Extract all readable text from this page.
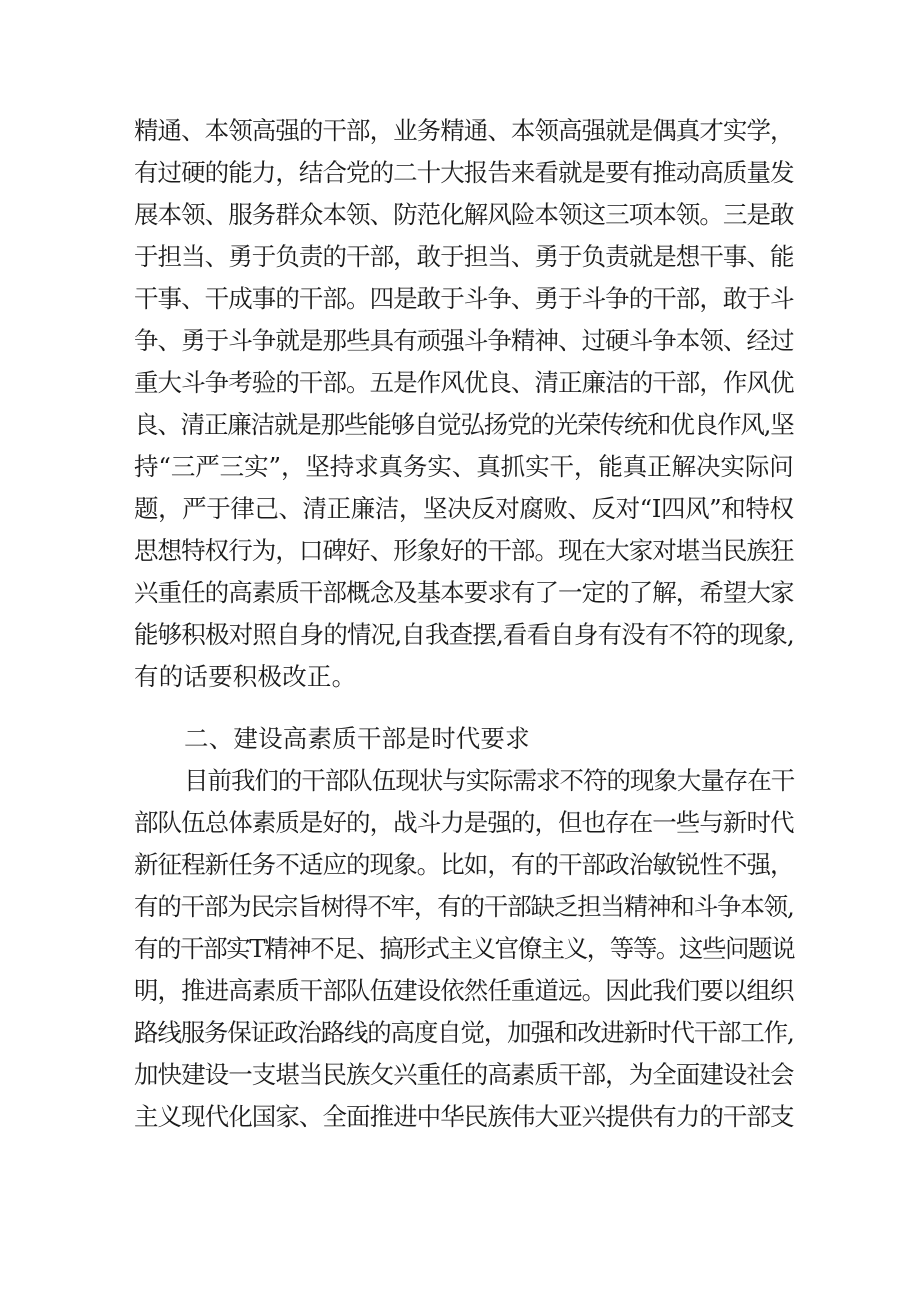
精通、本领高强的干部，业务精通、本领高强就是偶真才实学，
有过硬的能力，结合党的二十大报告来看就是要有推动高质量发
展本领、服务群众本领、防范化解风险本领这三项本领。三是敢
于担当、勇于负责的干部，敢于担当、勇于负责就是想干事、能
干事、干成事的干部。四是敢于斗争、勇于斗争的干部，敢于斗
争、勇于斗争就是那些具有顽强斗争精神、过硬斗争本领、经过
重大斗争考验的干部。五是作风优良、清正廉洁的干部，作风优
良、清正廉洁就是那些能够自觉弘扬党的光荣传统和优良作风,坚
持“三严三实”，坚持求真务实、真抓实干，能真正解决实际问
题，严于律己、清正廉洁，坚决反对腐败、反对“I四风”和特权
思想特权行为，口碑好、形象好的干部。现在大家对堪当民族狂
兴重任的高素质干部概念及基本要求有了一定的了解，希望大家
能够积极对照自身的情况,自我查摆,看看自身有没有不符的现象,
有的话要积极改正。
二、建设高素质干部是时代要求
目前我们的干部队伍现状与实际需求不符的现象大量存在干
部队伍总体素质是好的，战斗力是强的，但也存在一些与新时代
新征程新任务不适应的现象。比如，有的干部政治敏锐性不强，
有的干部为民宗旨树得不牢，有的干部缺乏担当精神和斗争本领,
有的干部实T精神不足、搞形式主义官僚主义，等等。这些问题说
明，推进高素质干部队伍建设依然任重道远。因此我们要以组织
路线服务保证政治路线的高度自觉，加强和改进新时代干部工作,
加快建设一支堪当民族攵兴重任的高素质干部，为全面建设社会
主义现代化国家、全面推进中华民族伟大亚兴提供有力的干部支
